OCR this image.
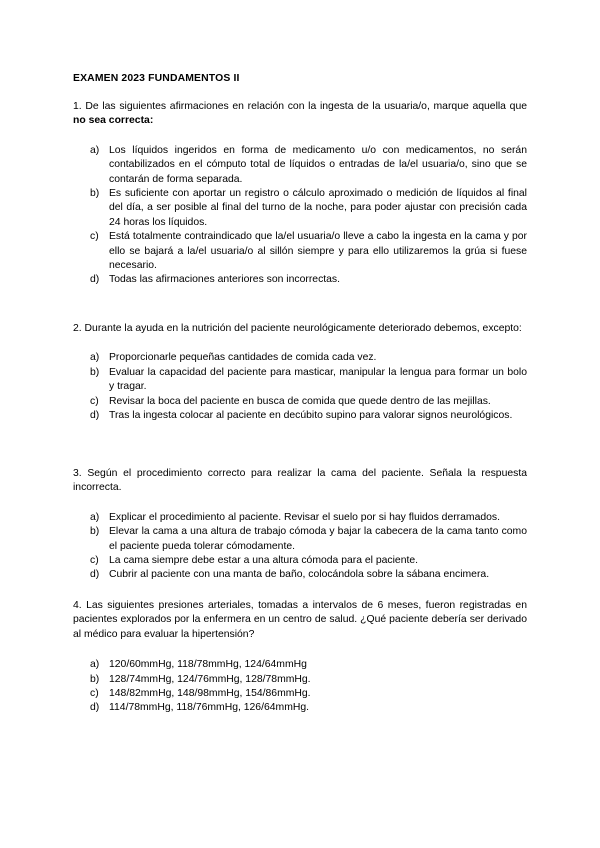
EXAMEN 2023 FUNDAMENTOS II

1. De las siguientes afirmaciones en relación con la ingesta de la usuaria/o, marque aquella que no sea correcta:

a) Los líquidos ingeridos en forma de medicamento u/o con medicamentos, no serán contabilizados en el cómputo total de líquidos o entradas de la/el usuaria/o, sino que se contarán de forma separada.
b) Es suficiente con aportar un registro o cálculo aproximado o medición de líquidos al final del día, a ser posible al final del turno de la noche, para poder ajustar con precisión cada 24 horas los líquidos.
c) Está totalmente contraindicado que la/el usuaria/o lleve a cabo la ingesta en la cama y por ello se bajará a la/el usuaria/o al sillón siempre y para ello utilizaremos la grúa si fuese necesario.
d) Todas las afirmaciones anteriores son incorrectas.

2. Durante la ayuda en la nutrición del paciente neurológicamente deteriorado debemos, excepto:

a) Proporcionarle pequeñas cantidades de comida cada vez.
b) Evaluar la capacidad del paciente para masticar, manipular la lengua para formar un bolo y tragar.
c) Revisar la boca del paciente en busca de comida que quede dentro de las mejillas.
d) Tras la ingesta colocar al paciente en decúbito supino para valorar signos neurológicos.

3. Según el procedimiento correcto para realizar la cama del paciente. Señala la respuesta incorrecta.

a) Explicar el procedimiento al paciente. Revisar el suelo por si hay fluidos derramados.
b) Elevar la cama a una altura de trabajo cómoda y bajar la cabecera de la cama tanto como el paciente pueda tolerar cómodamente.
c) La cama siempre debe estar a una altura cómoda para el paciente.
d) Cubrir al paciente con una manta de baño, colocándola sobre la sábana encimera.

4. Las siguientes presiones arteriales, tomadas a intervalos de 6 meses, fueron registradas en pacientes explorados por la enfermera en un centro de salud. ¿Qué paciente debería ser derivado al médico para evaluar la hipertensión?

a) 120/60mmHg, 118/78mmHg, 124/64mmHg
b) 128/74mmHg, 124/76mmHg, 128/78mmHg.
c) 148/82mmHg, 148/98mmHg, 154/86mmHg.
d) 114/78mmHg, 118/76mmHg, 126/64mmHg.
